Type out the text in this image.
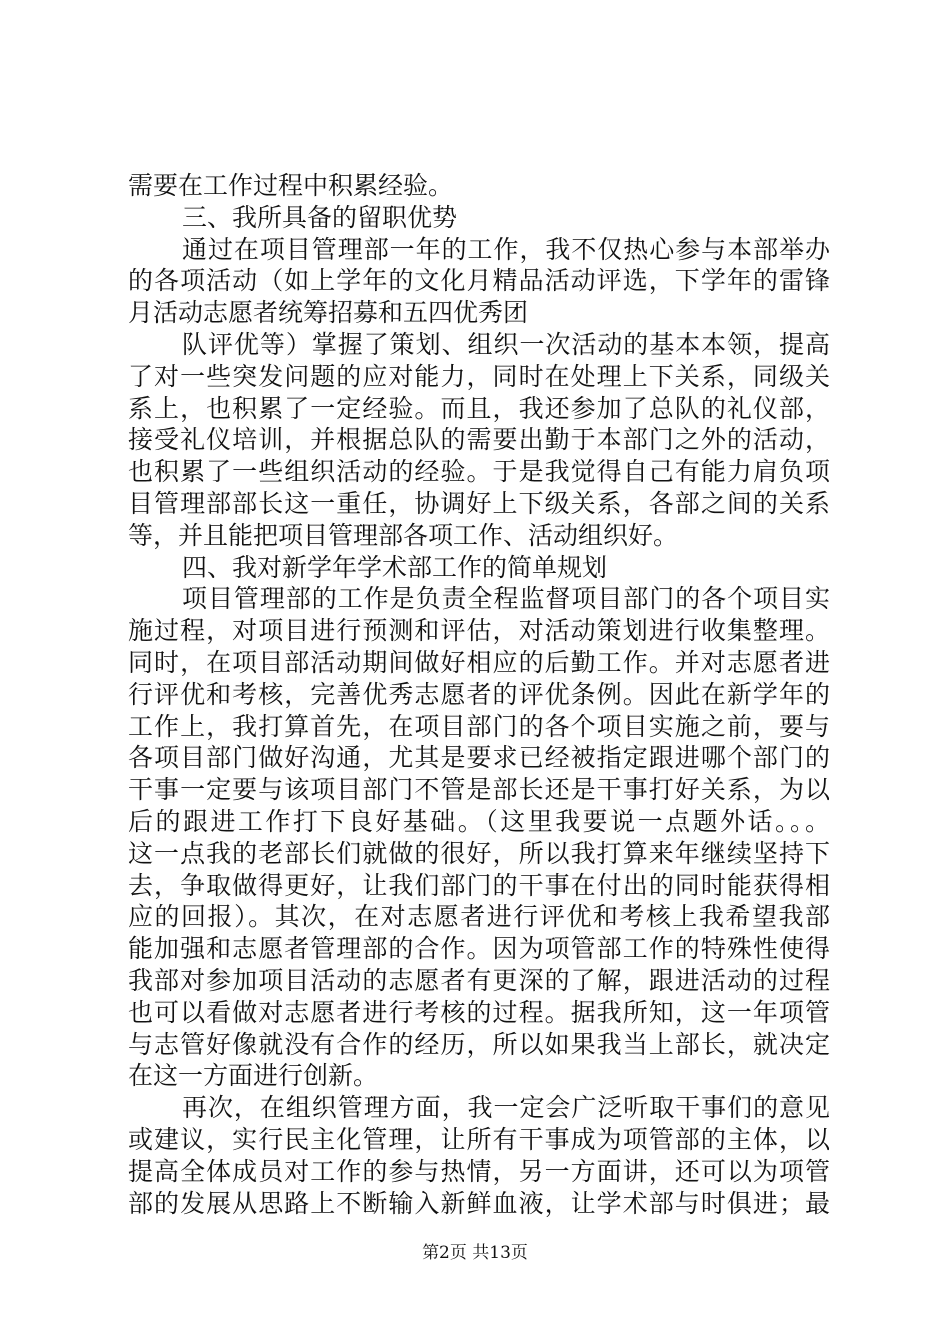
需要在工作过程中积累经验。
三、我所具备的留职优势
通过在项目管理部一年的工作，我不仅热心参与本部举办
的各项活动（如上学年的文化月精品活动评选，下学年的雷锋
月活动志愿者统筹招募和五四优秀团
队评优等）掌握了策划、组织一次活动的基本本领，提高
了对一些突发问题的应对能力，同时在处理上下关系，同级关
系上，也积累了一定经验。而且，我还参加了总队的礼仪部，
接受礼仪培训，并根据总队的需要出勤于本部门之外的活动，
也积累了一些组织活动的经验。于是我觉得自己有能力肩负项
目管理部部长这一重任，协调好上下级关系，各部之间的关系
等，并且能把项目管理部各项工作、活动组织好。
四、我对新学年学术部工作的简单规划
项目管理部的工作是负责全程监督项目部门的各个项目实
施过程，对项目进行预测和评估，对活动策划进行收集整理。
同时，在项目部活动期间做好相应的后勤工作。并对志愿者进
行评优和考核，完善优秀志愿者的评优条例。因此在新学年的
工作上，我打算首先，在项目部门的各个项目实施之前，要与
各项目部门做好沟通，尤其是要求已经被指定跟进哪个部门的
干事一定要与该项目部门不管是部长还是干事打好关系，为以
后的跟进工作打下良好基础。（这里我要说一点题外话。。。
这一点我的老部长们就做的很好，所以我打算来年继续坚持下
去，争取做得更好，让我们部门的干事在付出的同时能获得相
应的回报）。其次，在对志愿者进行评优和考核上我希望我部
能加强和志愿者管理部的合作。因为项管部工作的特殊性使得
我部对参加项目活动的志愿者有更深的了解，跟进活动的过程
也可以看做对志愿者进行考核的过程。据我所知，这一年项管
与志管好像就没有合作的经历，所以如果我当上部长，就决定
在这一方面进行创新。
再次，在组织管理方面，我一定会广泛听取干事们的意见
或建议，实行民主化管理，让所有干事成为项管部的主体，以
提高全体成员对工作的参与热情，另一方面讲，还可以为项管
部的发展从思路上不断输入新鲜血液，让学术部与时俱进；最
第2页 共13页
